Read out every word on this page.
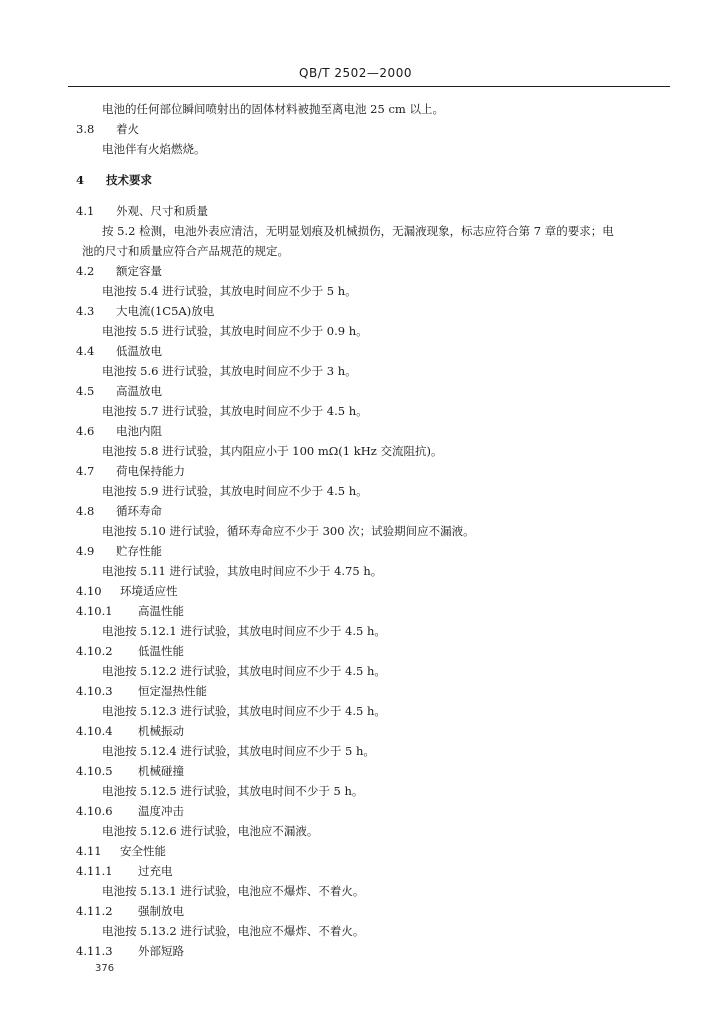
QB/T 2502—2000
电池的任何部位瞬间喷射出的固体材料被抛至离电池 25 cm 以上。
3.8 着火
电池伴有火焰燃烧。
4 技术要求
4.1 外观、尺寸和质量
按 5.2 检测，电池外表应清洁，无明显划痕及机械损伤，无漏液现象，标志应符合第 7 章的要求；电
池的尺寸和质量应符合产品规范的规定。
4.2 额定容量
电池按 5.4 进行试验，其放电时间应不少于 5 h。
4.3 大电流(1C5A)放电
电池按 5.5 进行试验，其放电时间应不少于 0.9 h。
4.4 低温放电
电池按 5.6 进行试验，其放电时间应不少于 3 h。
4.5 高温放电
电池按 5.7 进行试验，其放电时间应不少于 4.5 h。
4.6 电池内阻
电池按 5.8 进行试验，其内阻应小于 100 mΩ(1 kHz 交流阻抗)。
4.7 荷电保持能力
电池按 5.9 进行试验，其放电时间应不少于 4.5 h。
4.8 循环寿命
电池按 5.10 进行试验，循环寿命应不少于 300 次；试验期间应不漏液。
4.9 贮存性能
电池按 5.11 进行试验，其放电时间应不少于 4.75 h。
4.10 环境适应性
4.10.1 高温性能
电池按 5.12.1 进行试验，其放电时间应不少于 4.5 h。
4.10.2 低温性能
电池按 5.12.2 进行试验，其放电时间应不少于 4.5 h。
4.10.3 恒定湿热性能
电池按 5.12.3 进行试验，其放电时间应不少于 4.5 h。
4.10.4 机械振动
电池按 5.12.4 进行试验，其放电时间应不少于 5 h。
4.10.5 机械碰撞
电池按 5.12.5 进行试验，其放电时间不少于 5 h。
4.10.6 温度冲击
电池按 5.12.6 进行试验，电池应不漏液。
4.11 安全性能
4.11.1 过充电
电池按 5.13.1 进行试验，电池应不爆炸、不着火。
4.11.2 强制放电
电池按 5.13.2 进行试验，电池应不爆炸、不着火。
4.11.3 外部短路
376
